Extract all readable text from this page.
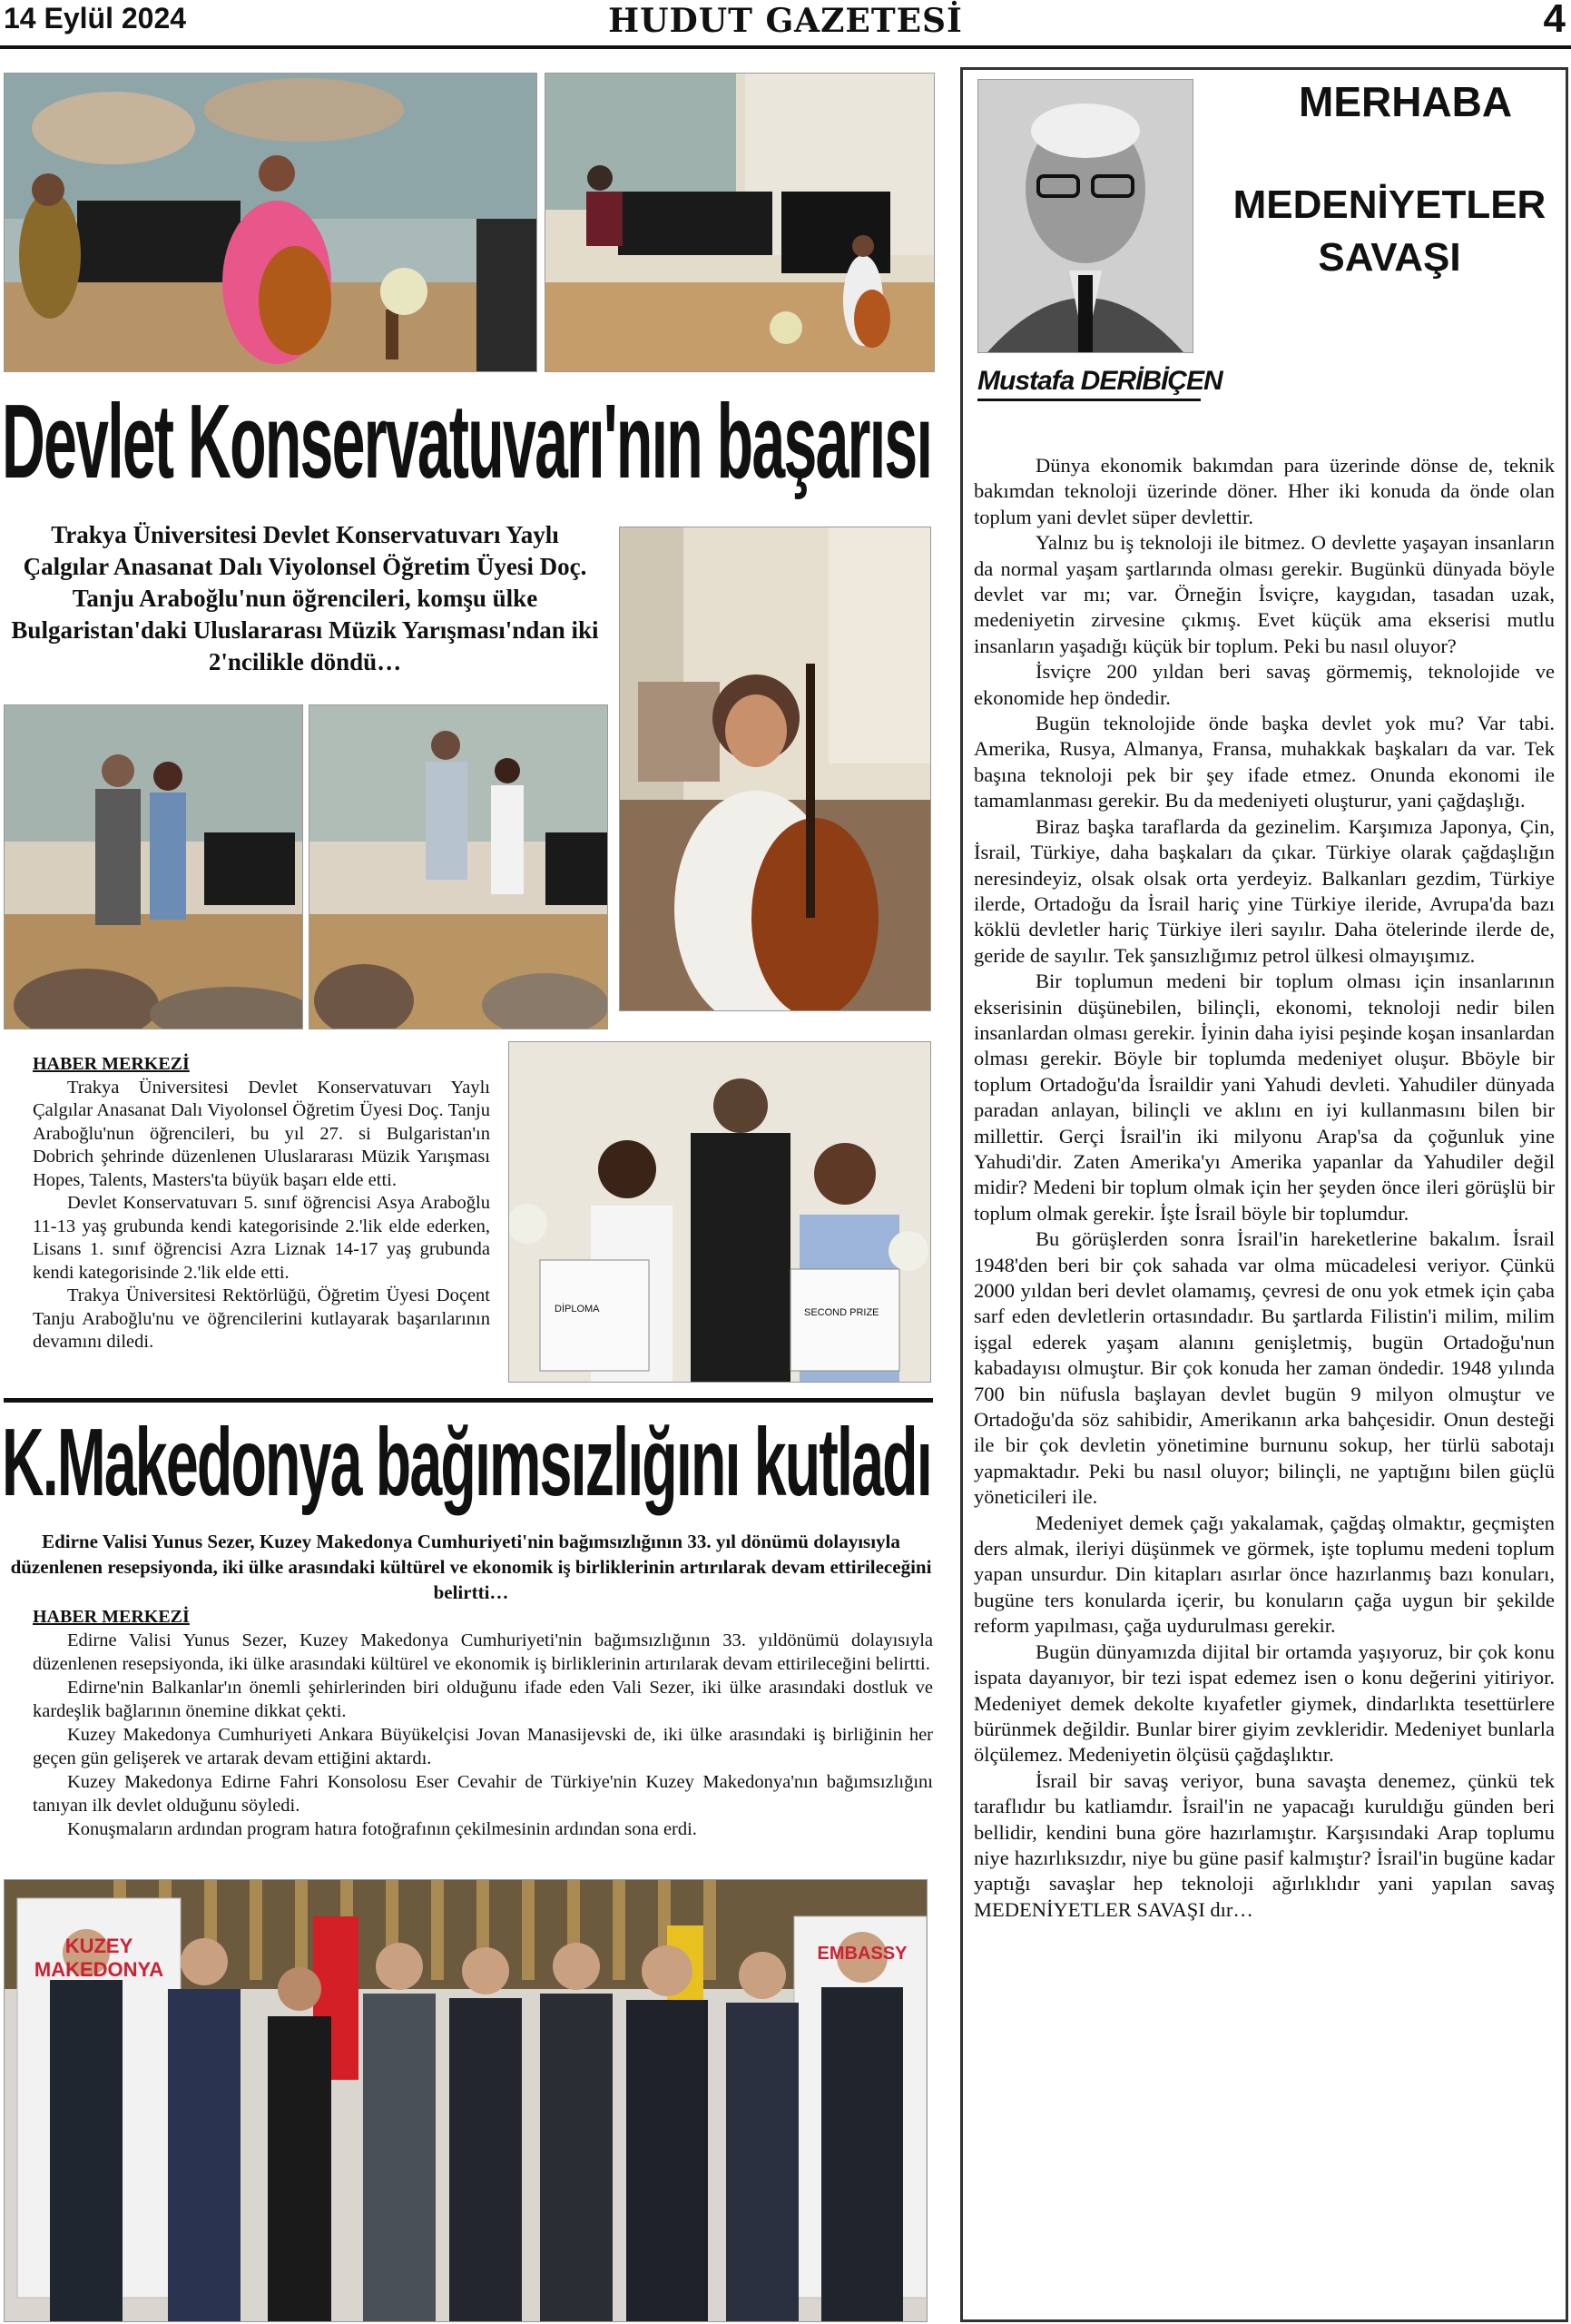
14 Eylül 2024	HUDUT GAZETESİ	4
Devlet Konservatuvarı'nın başarısı
Trakya Üniversitesi Devlet Konservatuvarı Yaylı Çalgılar Anasanat Dalı Viyolonsel Öğretim Üyesi Doç. Tanju Araboğlu'nun öğrencileri, komşu ülke Bulgaristan'daki Uluslararası Müzik Yarışması'ndan iki 2'ncilikle döndü…
DİPLOMA	SECOND PRIZE
HABER MERKEZİ

Trakya Üniversitesi Devlet Konservatuvarı Yaylı Çalgılar Anasanat Dalı Viyolonsel Öğretim Üyesi Doç. Tanju Araboğlu'nun öğrencileri, bu yıl 27. si Bulgaristan'ın Dobrich şehrinde düzenlenen Uluslararası Müzik Yarışması Hopes, Talents, Masters'ta büyük başarı elde etti.

Devlet Konservatuvarı 5. sınıf öğrencisi Asya Araboğlu 11-13 yaş grubunda kendi kategorisinde 2.'lik elde ederken, Lisans 1. sınıf öğrencisi Azra Liznak 14-17 yaş grubunda kendi kategorisinde 2.'lik elde etti.

Trakya Üniversitesi Rektörlüğü, Öğretim Üyesi Doçent Tanju Araboğlu'nu ve öğrencilerini kutlayarak başarılarının devamını diledi.

K.Makedonya bağımsızlığını kutladı
Edirne Valisi Yunus Sezer, Kuzey Makedonya Cumhuriyeti'nin bağımsızlığının 33. yıl dönümü dolayısıyla düzenlenen resepsiyonda, iki ülke arasındaki kültürel ve ekonomik iş birliklerinin artırılarak devam ettirileceğini belirtti…
HABER MERKEZİ

Edirne Valisi Yunus Sezer, Kuzey Makedonya Cumhuriyeti'nin bağımsızlığının 33. yıldönümü dolayısıyla düzenlenen resepsiyonda, iki ülke arasındaki kültürel ve ekonomik iş birliklerinin artırılarak devam ettirileceğini belirtti.

Edirne'nin Balkanlar'ın önemli şehirlerinden biri olduğunu ifade eden Vali Sezer, iki ülke arasındaki dostluk ve kardeşlik bağlarının önemine dikkat çekti.

Kuzey Makedonya Cumhuriyeti Ankara Büyükelçisi Jovan Manasijevski de, iki ülke arasındaki iş birliğinin her geçen gün gelişerek ve artarak devam ettiğini aktardı.

Kuzey Makedonya Edirne Fahri Konsolosu Eser Cevahir de Türkiye'nin Kuzey Makedonya'nın bağımsızlığını tanıyan ilk devlet olduğunu söyledi.

Konuşmaların ardından program hatıra fotoğrafının çekilmesinin ardından sona erdi.

KUZEY MAKEDONYA
EMBASSY
Mustafa DERİBİÇEN
MERHABA
MEDENİYETLER
SAVAŞI

Dünya ekonomik bakımdan para üzerinde dönse de, teknik bakımdan teknoloji üzerinde döner. Hher iki konuda da önde olan toplum yani devlet süper devlettir.

Yalnız bu iş teknoloji ile bitmez. O devlette yaşayan insanların da normal yaşam şartlarında olması gerekir. Bugünkü dünyada böyle devlet var mı; var. Örneğin İsviçre, kaygıdan, tasadan uzak, medeniyetin zirvesine çıkmış. Evet küçük ama ekserisi mutlu insanların yaşadığı küçük bir toplum. Peki bu nasıl oluyor?

İsviçre 200 yıldan beri savaş görmemiş, teknolojide ve ekonomide hep öndedir.

Bugün teknolojide önde başka devlet yok mu? Var tabi. Amerika, Rusya, Almanya, Fransa, muhakkak başkaları da var. Tek başına teknoloji pek bir şey ifade etmez. Onunda ekonomi ile tamamlanması gerekir. Bu da medeniyeti oluşturur, yani çağdaşlığı.

Biraz başka taraflarda da gezinelim. Karşımıza Japonya, Çin, İsrail, Türkiye, daha başkaları da çıkar. Türkiye olarak çağdaşlığın neresindeyiz, olsak olsak orta yerdeyiz. Balkanları gezdim, Türkiye ilerde, Ortadoğu da İsrail hariç yine Türkiye ileride, Avrupa'da bazı köklü devletler hariç Türkiye ileri sayılır. Daha ötelerinde ilerde de, geride de sayılır. Tek şansızlığımız petrol ülkesi olmayışımız.

Bir toplumun medeni bir toplum olması için insanlarının ekserisinin düşünebilen, bilinçli, ekonomi, teknoloji nedir bilen insanlardan olması gerekir. İyinin daha iyisi peşinde koşan insanlardan olması gerekir. Böyle bir toplumda medeniyet oluşur. Bböyle bir toplum Ortadoğu'da İsraildir yani Yahudi devleti. Yahudiler dünyada paradan anlayan, bilinçli ve aklını en iyi kullanmasını bilen bir millettir. Gerçi İsrail'in iki milyonu Arap'sa da çoğunluk yine Yahudi'dir. Zaten Amerika'yı Amerika yapanlar da Yahudiler değil midir? Medeni bir toplum olmak için her şeyden önce ileri görüşlü bir toplum olmak gerekir. İşte İsrail böyle bir toplumdur.

Bu görüşlerden sonra İsrail'in hareketlerine bakalım. İsrail 1948'den beri bir çok sahada var olma mücadelesi veriyor. Çünkü 2000 yıldan beri devlet olamamış, çevresi de onu yok etmek için çaba sarf eden devletlerin ortasındadır. Bu şartlarda Filistin'i milim, milim işgal ederek yaşam alanını genişletmiş, bugün Ortadoğu'nun kabadayısı olmuştur. Bir çok konuda her zaman öndedir. 1948 yılında 700 bin nüfusla başlayan devlet bugün 9 milyon olmuştur ve Ortadoğu'da söz sahibidir, Amerikanın arka bahçesidir. Onun desteği ile bir çok devletin yönetimine burnunu sokup, her türlü sabotajı yapmaktadır. Peki bu nasıl oluyor; bilinçli, ne yaptığını bilen güçlü yöneticileri ile.

Medeniyet demek çağı yakalamak, çağdaş olmaktır, geçmişten ders almak, ileriyi düşünmek ve görmek, işte toplumu medeni toplum yapan unsurdur. Din kitapları asırlar önce hazırlanmış bazı konuları, bugüne ters konularda içerir, bu konuların çağa uygun bir şekilde reform yapılması, çağa uydurulması gerekir.

Bugün dünyamızda dijital bir ortamda yaşıyoruz, bir çok konu ispata dayanıyor, bir tezi ispat edemez isen o konu değerini yitiriyor. Medeniyet demek dekolte kıyafetler giymek, dindarlıkta tesettürlere bürünmek değildir. Bunlar birer giyim zevkleridir. Medeniyet bunlarla ölçülemez. Medeniyetin ölçüsü çağdaşlıktır.

İsrail bir savaş veriyor, buna savaşta denemez, çünkü tek taraflıdır bu katliamdır. İsrail'in ne yapacağı kuruldığu günden beri bellidir, kendini buna göre hazırlamıştır. Karşısındaki Arap toplumu niye hazırlıksızdır, niye bu güne pasif kalmıştır? İsrail'in bugüne kadar yaptığı savaşlar hep teknoloji ağırlıklıdır yani yapılan savaş MEDENİYETLER SAVAŞI dır…
